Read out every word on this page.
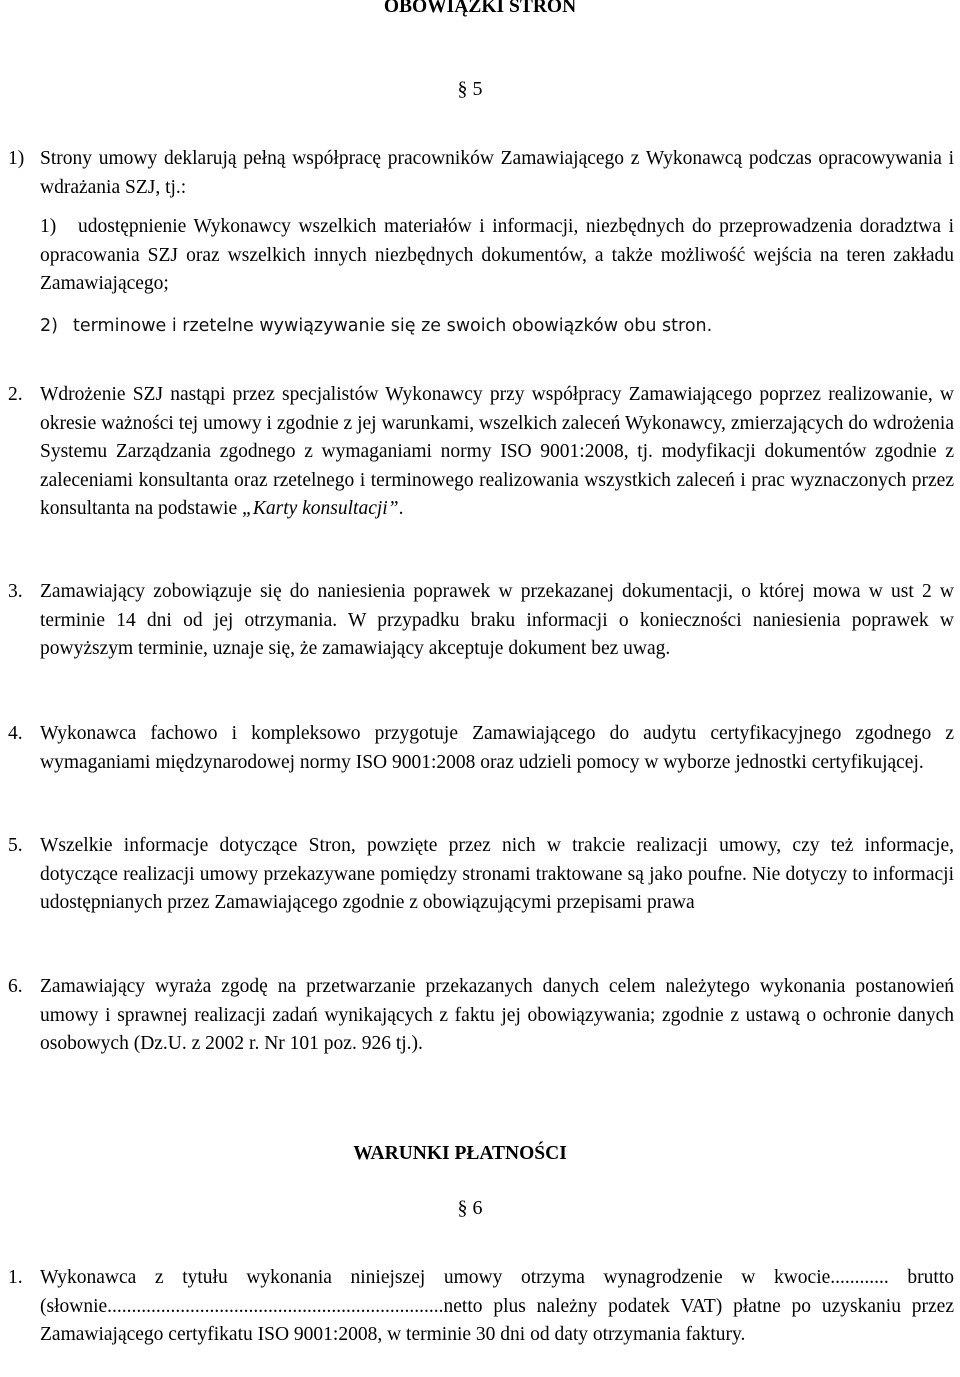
OBOWIĄZKI STRON
§ 5
1) Strony umowy deklarują pełną współpracę pracowników Zamawiającego z Wykonawcą podczas opracowywania i wdrażania SZJ, tj.:
1)	udostępnienie Wykonawcy wszelkich materiałów i informacji, niezbędnych do przeprowadzenia doradztwa i opracowania SZJ oraz wszelkich innych niezbędnych dokumentów, a także możliwość wejścia na teren zakładu Zamawiającego;
2) terminowe i rzetelne wywiązywanie się ze swoich obowiązków obu stron.
2. Wdrożenie SZJ nastąpi przez specjalistów Wykonawcy przy współpracy Zamawiającego poprzez realizowanie, w okresie ważności tej umowy i zgodnie z jej warunkami, wszelkich zaleceń Wykonawcy, zmierzających do wdrożenia Systemu Zarządzania zgodnego z wymaganiami normy ISO 9001:2008, tj. modyfikacji dokumentów zgodnie z zaleceniami konsultanta oraz rzetelnego i terminowego realizowania wszystkich zaleceń i prac wyznaczonych przez konsultanta na podstawie „Karty konsultacji”.
3. Zamawiający zobowiązuje się do naniesienia poprawek w przekazanej dokumentacji, o której mowa w ust 2 w terminie 14 dni od jej otrzymania. W przypadku braku informacji o konieczności naniesienia poprawek w powyższym terminie, uznaje się, że zamawiający akceptuje dokument bez uwag.
4. Wykonawca fachowo i kompleksowo przygotuje Zamawiającego do audytu certyfikacyjnego zgodnego z wymaganiami międzynarodowej normy ISO 9001:2008 oraz udzieli pomocy w wyborze jednostki certyfikującej.
5. Wszelkie informacje dotyczące Stron, powzięte przez nich w trakcie realizacji umowy, czy też informacje, dotyczące realizacji umowy przekazywane pomiędzy stronami traktowane są jako poufne. Nie dotyczy to informacji udostępnianych przez Zamawiającego zgodnie z obowiązującymi przepisami prawa
6. Zamawiający wyraża zgodę na przetwarzanie przekazanych danych celem należytego wykonania postanowień umowy i sprawnej realizacji zadań wynikających z faktu jej obowiązywania; zgodnie z ustawą o ochronie danych osobowych (Dz.U. z 2002 r. Nr 101 poz. 926 tj.).
WARUNKI PŁATNOŚCI
§ 6
1. Wykonawca z tytułu wykonania niniejszej umowy otrzyma wynagrodzenie w kwocie............ brutto (słownie.....................................................................netto plus należny podatek VAT) płatne po uzyskaniu przez Zamawiającego certyfikatu ISO 9001:2008, w terminie 30 dni od daty otrzymania faktury.
